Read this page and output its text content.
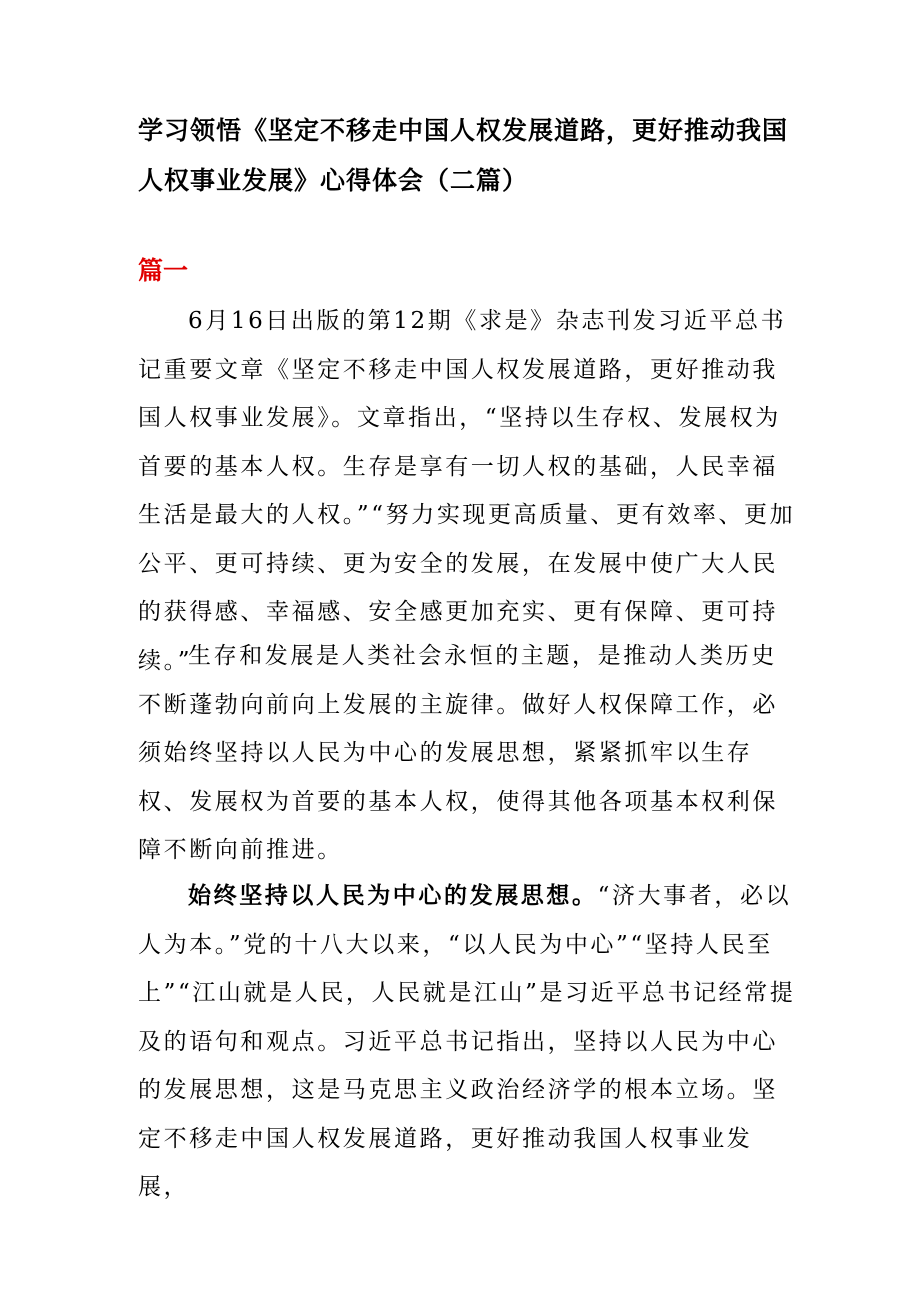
学习领悟《坚定不移走中国人权发展道路，更好推动我国人权事业发展》心得体会（二篇）
篇一

6月16日出版的第12期《求是》杂志刊发习近平总书记重要文章《坚定不移走中国人权发展道路，更好推动我国人权事业发展》。文章指出，“坚持以生存权、发展权为首要的基本人权。生存是享有一切人权的基础，人民幸福生活是最大的人权。”“努力实现更高质量、更有效率、更加公平、更可持续、更为安全的发展，在发展中使广大人民的获得感、幸福感、安全感更加充实、更有保障、更可持续。”

生存和发展是人类社会永恒的主题，是推动人类历史不断蓬勃向前向上发展的主旋律。做好人权保障工作，必须始终坚持以人民为中心的发展思想，紧紧抓牢以生存权、发展权为首要的基本人权，使得其他各项基本权利保障不断向前推进。

始终坚持以人民为中心的发展思想。“济大事者，必以人为本。”党的十八大以来，“以人民为中心”“坚持人民至上”“江山就是人民，人民就是江山”是习近平总书记经常提及的语句和观点。习近平总书记指出，坚持以人民为中心的发展思想，这是马克思主义政治经济学的根本立场。坚定不移走中国人权发展道路，更好推动我国人权事业发展，
